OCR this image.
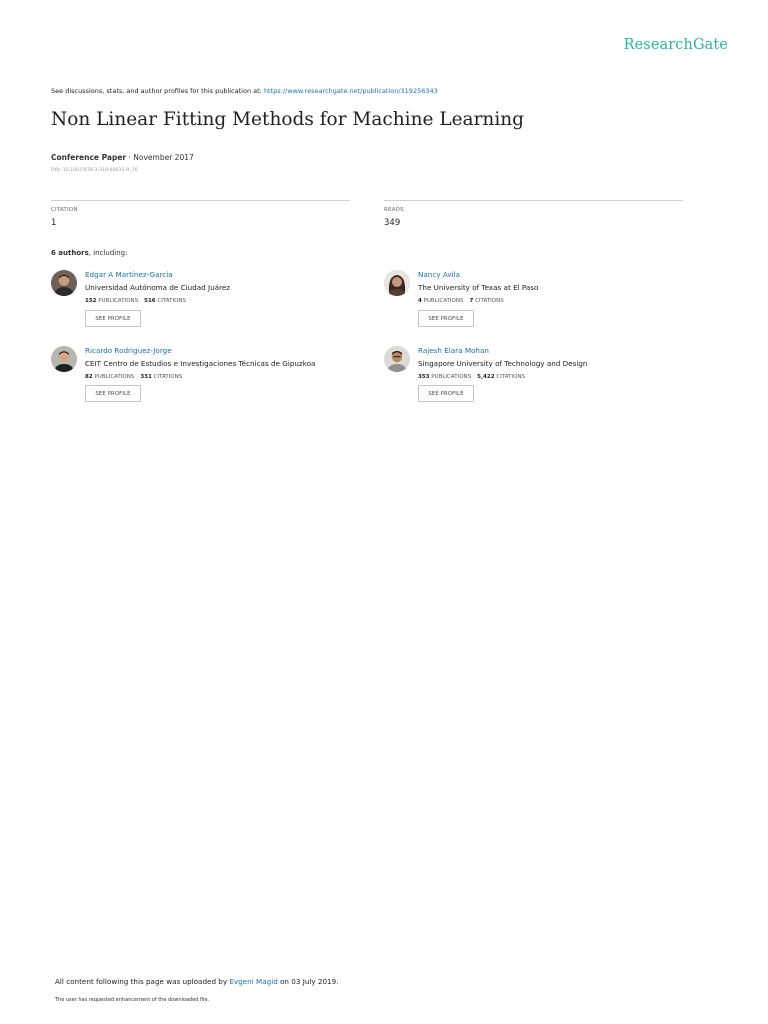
ResearchGate
See discussions, stats, and author profiles for this publication at: https://www.researchgate.net/publication/319256343
Non Linear Fitting Methods for Machine Learning
Conference Paper · November 2017
DOI: 10.1007/978-3-319-60035-9_76
CITATION
1
READS
349
6 authors, including:
Edgar A Martínez-García
Universidad Autónoma de Ciudad Juárez
152 PUBLICATIONS 516 CITATIONS
SEE PROFILE
Nancy Avila
The University of Texas at El Paso
4 PUBLICATIONS 7 CITATIONS
SEE PROFILE
Ricardo Rodriguez-Jorge
CEIT Centro de Estudios e Investigaciones Técnicas de Gipuzkoa
82 PUBLICATIONS 331 CITATIONS
SEE PROFILE
Rajesh Elara Mohan
Singapore University of Technology and Design
353 PUBLICATIONS 5,422 CITATIONS
SEE PROFILE
All content following this page was uploaded by Evgeni Magid on 03 July 2019.
The user has requested enhancement of the downloaded file.
